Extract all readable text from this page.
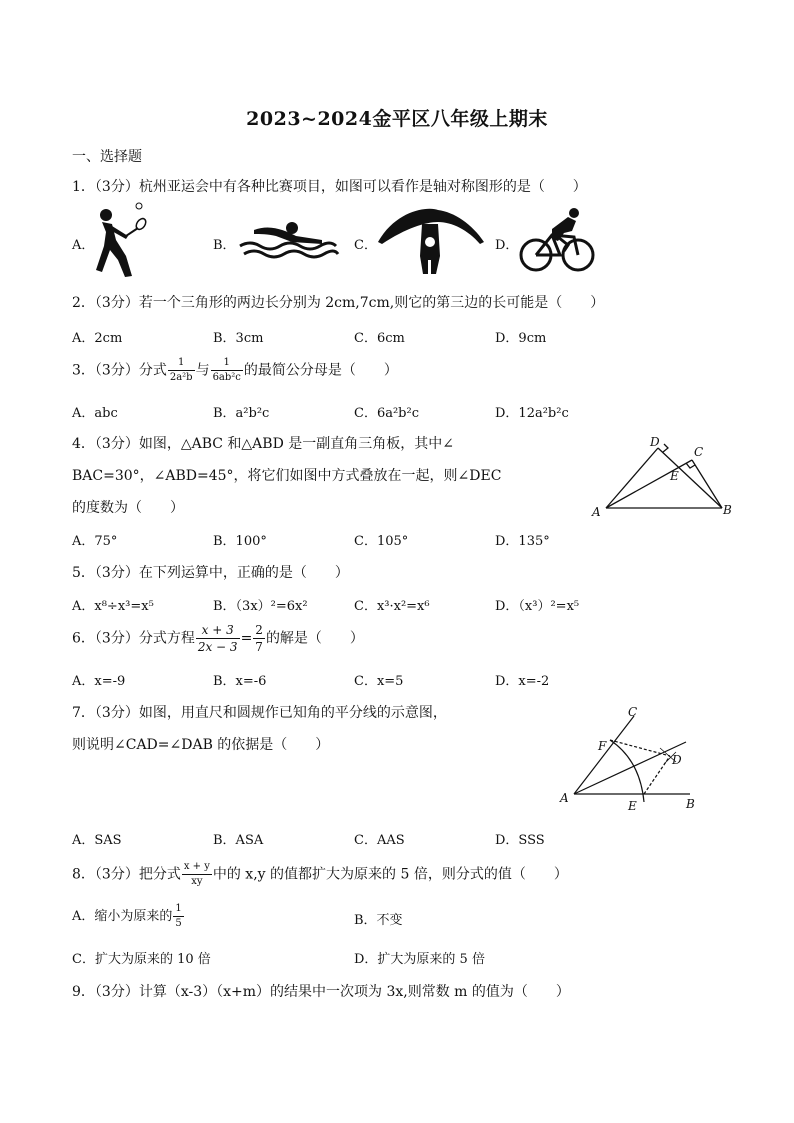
2023~2024金平区八年级上期末
一、选择题
1．（3分）杭州亚运会中有各种比赛项目，如图可以看作是轴对称图形的是（　　）
A．	B．	C．	D．
2．（3分）若一个三角形的两边长分别为 2cm,7cm,则它的第三边的长可能是（　　）
A．2cm	B．3cm	C．6cm	D．9cm
3．（3分）分式 $\frac{1}{\text{2a²b}}$ 与 $\frac{1}{\text{6ab²c}}$ 的最简公分母是（　　）
A．abc	B．a²b²c	C．6a²b²c	D．12a²b²c
4．（3分）如图，△ABC 和△ABD 是一副直角三角板，其中∠
BAC=30°，∠ABD=45°，将它们如图中方式叠放在一起，则∠DEC
的度数为（　　）
A．75°	B．100°	C．105°	D．135°
A	B
C
D
E
5．（3分）在下列运算中，正确的是（　　）
A．x⁸÷x³=x⁵	B．（3x）²=6x²	C．x³·x²=x⁶	D．（x³）²=x⁵
6．（3分）分式方程 $\frac{x + 3}{2x - 3} = \frac{2}{7}$ 的解是（　　）
A．x=-9	B．x=-6	C．x=5	D．x=-2
7．（3分）如图，用直尺和圆规作已知角的平分线的示意图，
则说明∠CAD=∠DAB 的依据是（　　）
A．SAS	B．ASA	C．AAS	D．SSS
A	B
C
D
E
F
8．（3分）把分式 $\frac{x + y}{xy}$ 中的 x,y 的值都扩大为原来的 5 倍，则分式的值（　　）
A．缩小为原来的 $\frac{1}{5}$	B．不变
C．扩大为原来的 10 倍	D．扩大为原来的 5 倍
9．（3分）计算（x-3）（x+m）的结果中一次项为 3x,则常数 m 的值为（　　）
